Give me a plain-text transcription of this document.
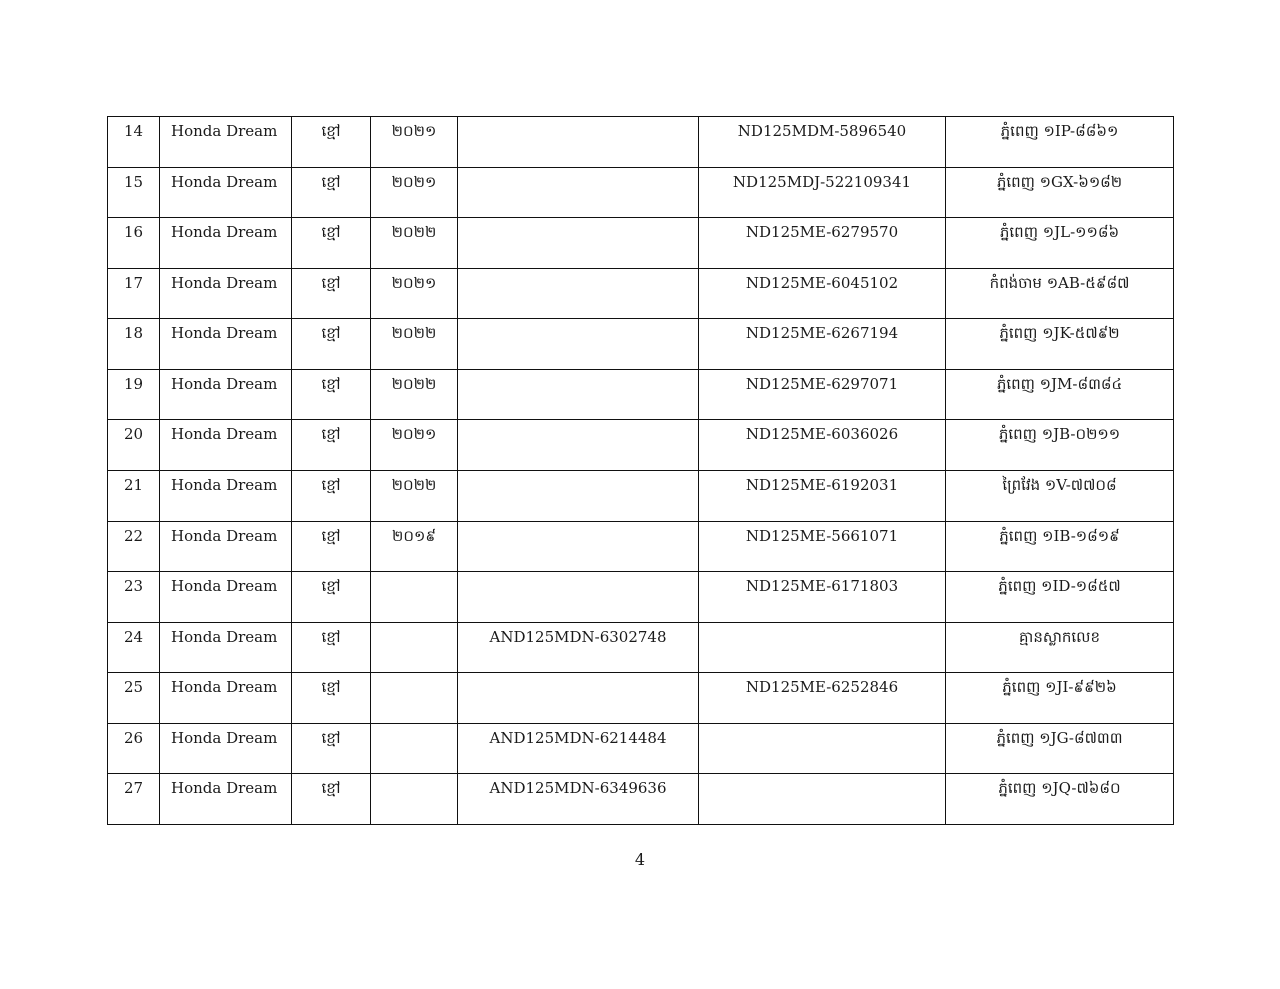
14	Honda Dream	ខ្មៅ	២០២១		ND125MDM-5896540	ភ្នំពេញ ១IP-៨៨៦១
15	Honda Dream	ខ្មៅ	២០២១		ND125MDJ-522109341	ភ្នំពេញ ១GX-៦១៨២
16	Honda Dream	ខ្មៅ	២០២២		ND125ME-6279570	ភ្នំពេញ ១JL-១១៨៦
17	Honda Dream	ខ្មៅ	២០២១		ND125ME-6045102	កំពង់ចាម ១AB-៥៩៨៧
18	Honda Dream	ខ្មៅ	២០២២		ND125ME-6267194	ភ្នំពេញ ១JK-៥៧៩២
19	Honda Dream	ខ្មៅ	២០២២		ND125ME-6297071	ភ្នំពេញ ១JM-៨៣៨៤
20	Honda Dream	ខ្មៅ	២០២១		ND125ME-6036026	ភ្នំពេញ ១JB-០២១១
21	Honda Dream	ខ្មៅ	២០២២		ND125ME-6192031	ព្រៃវែង ១V-៧៧០៨
22	Honda Dream	ខ្មៅ	២០១៩		ND125ME-5661071	ភ្នំពេញ ១IB-១៨១៩
23	Honda Dream	ខ្មៅ			ND125ME-6171803	ភ្នំពេញ ១ID-១៨៥៧
24	Honda Dream	ខ្មៅ		AND125MDN-6302748		គ្មានស្លាកលេខ
25	Honda Dream	ខ្មៅ			ND125ME-6252846	ភ្នំពេញ ១JI-៩៩២៦
26	Honda Dream	ខ្មៅ		AND125MDN-6214484		ភ្នំពេញ ១JG-៨៧៣៣
27	Honda Dream	ខ្មៅ		AND125MDN-6349636		ភ្នំពេញ ១JQ-៧៦៨០
4
